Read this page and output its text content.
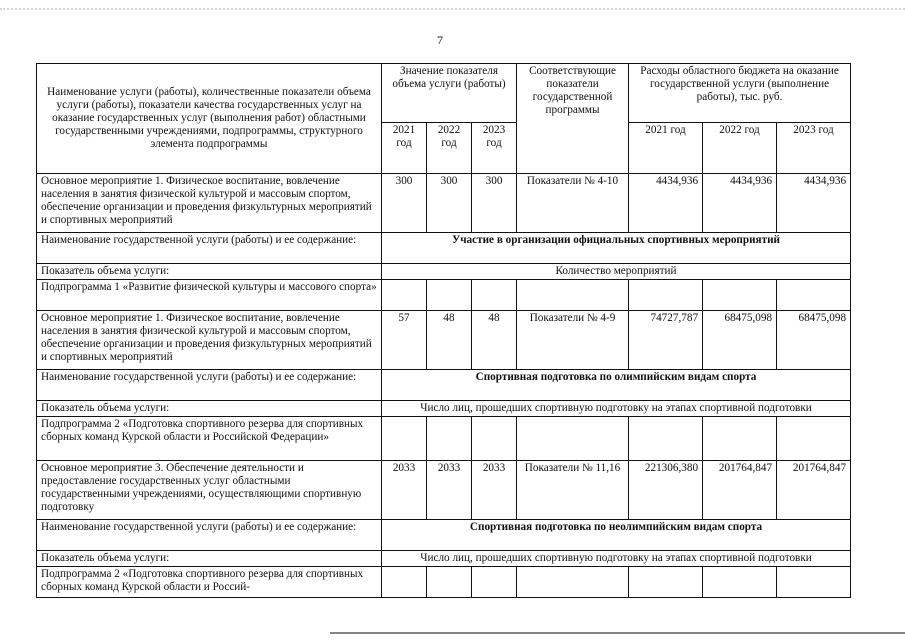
7
Наименование услуги (работы), количественные показатели объема услуги (работы), показатели качества государственных услуг на оказание государственных услуг (выполнения работ) областными государственными учреждениями, подпрограммы, структурного элемента подпрограммы	Значение показателя объема услуги (работы)			Соответствующие показатели государственной программы	Расходы областного бюджета на оказание государственной услуги (выполнение работы), тыс. руб.		
	2021 год	2022 год	2023 год		2021 год	2022 год	2023 год
Основное мероприятие 1. Физическое воспитание, вовлечение населения в занятия физической культурой и массовым спортом, обеспечение организации и проведения физкультурных мероприятий и спортивных мероприятий	300	300	300	Показатели № 4-10	4434,936	4434,936	4434,936
Наименование государственной услуги (работы) и ее содержание:	Участие в организации официальных спортивных мероприятий						
Показатель объема услуги:	Количество мероприятий						
Подпрограмма 1 «Развитие физической культуры и массового спорта»							
Основное мероприятие 1. Физическое воспитание, вовлечение населения в занятия физической культурой и массовым спортом, обеспечение организации и проведения физкультурных мероприятий и спортивных мероприятий	57	48	48	Показатели № 4-9	74727,787	68475,098	68475,098
Наименование государственной услуги (работы) и ее содержание:	Спортивная подготовка по олимпийским видам спорта						
Показатель объема услуги:	Число лиц, прошедших спортивную подготовку на этапах спортивной подготовки						
Подпрограмма 2 «Подготовка спортивного резерва для спортивных сборных команд Курской области и Российской Федерации»							
Основное мероприятие 3. Обеспечение деятельности и предоставление государственных услуг областными государственными учреждениями, осуществляющими спортивную подготовку	2033	2033	2033	Показатели № 11,16	221306,380	201764,847	201764,847
Наименование государственной услуги (работы) и ее содержание:	Спортивная подготовка по неолимпийским видам спорта						
Показатель объема услуги:	Число лиц, прошедших спортивную подготовку на этапах спортивной подготовки						
Подпрограмма 2 «Подготовка спортивного резерва для спортивных сборных команд Курской области и Россий-							
